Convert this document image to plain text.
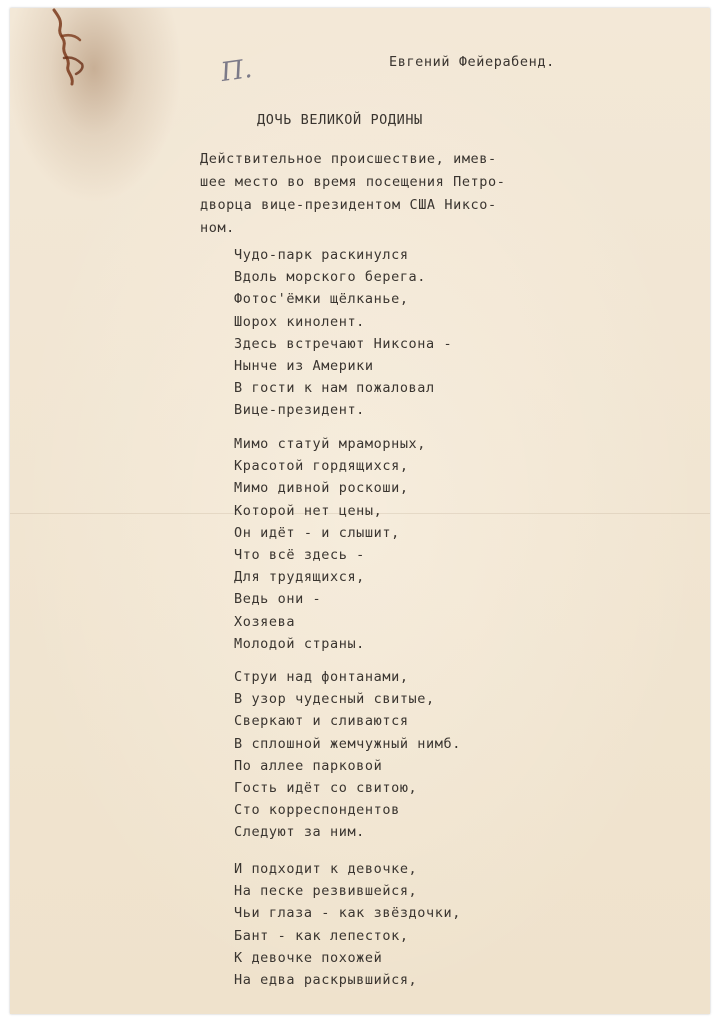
Евгений Фейерабенд.
П.
ДОЧЬ ВЕЛИКОЙ РОДИНЫ
Действительное происшествие, имев-
шее место во время посещения Петро-
дворца вице-президентом США Никсо-
ном.
Чудо-парк раскинулся
Вдоль морского берега.
Фотос'ёмки щёлканье,
Шорох кинолент.
Здесь встречают Никсона -
Нынче из Америки
В гости к нам пожаловал
Вице-президент.
Мимо статуй мраморных,
Красотой гордящихся,
Мимо дивной роскоши,
Которой нет цены,
Он идёт - и слышит,
Что всё здесь -
Для трудящихся,
Ведь они -
Хозяева
Молодой страны.
Струи над фонтанами,
В узор чудесный свитые,
Сверкают и сливаются
В сплошной жемчужный нимб.
По аллее парковой
Гость идёт со свитою,
Сто корреспондентов
Следуют за ним.
И подходит к девочке,
На песке резвившейся,
Чьи глаза - как звёздочки,
Бант - как лепесток,
К девочке похожей
На едва раскрывшийся,
